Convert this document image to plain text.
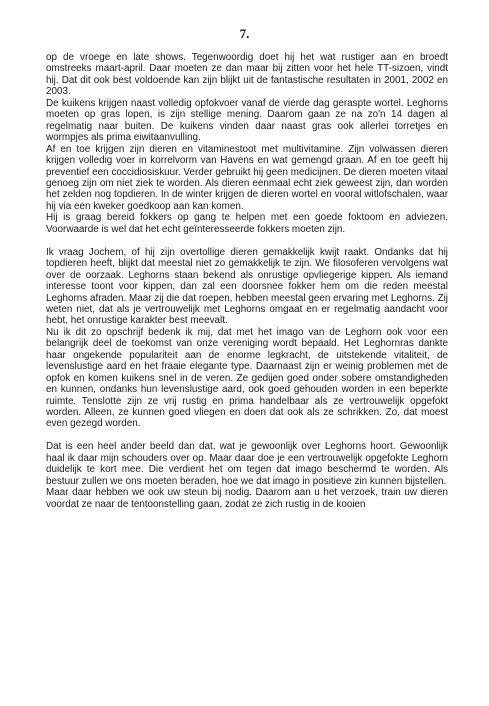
7.

op de vroege en late shows. Tegenwoordig doet hij het wat rustiger aan en broedt omstreeks maart-april. Daar moeten ze dan maar bij zitten voor het hele TT-sizoen, vindt hij. Dat dit ook best voldoende kan zijn blijkt uit de fantastische resultaten in 2001, 2002 en 2003.

De kuikens krijgen naast volledig opfokvoer vanaf de vierde dag geraspte wortel. Leghorns moeten op gras lopen, is zijn stellige mening. Daarom gaan ze na zo'n 14 dagen al regelmatig naar buiten. De kuikens vinden daar naast gras ook allerlei torretjes en wormpjes als prima eiwitaanvulling.

Af en toe krijgen zijn dieren en vitaminestoot met multivitamine. Zijn volwassen dieren krijgen volledig voer in korrelvorm van Havens en wat gemengd graan. Af en toe geeft hij preventief een coccidiosiskuur. Verder gebruikt hij geen medicijnen. De dieren moeten vitaal genoeg zijn om niet ziek te worden. Als dieren eenmaal echt ziek geweest zijn, dan worden het zelden nog topdieren. In de winter krijgen de dieren wortel en vooral witlofschalen, waar hij via een kweker goedkoop aan kan komen.

Hij is graag bereid fokkers op gang te helpen met een goede foktoom en adviezen. Voorwaarde is wel dat het echt geïnteresseerde fokkers moeten zijn.

Ik vraag Jochem, of hij zijn overtollige dieren gemakkelijk kwijt raakt. Ondanks dat hij topdieren heeft, blijkt dat meestal niet zo gemakkelijk te zijn. We filosoferen vervolgens wat over de oorzaak. Leghorns staan bekend als onrustige opvliegerige kippen. Als iemand interesse toont voor kippen, dan zal een doorsnee fokker hem om die reden meestal Leghorns afraden. Maar zij die dat roepen, hebben meestal geen ervaring met Leghorns. Zij weten niet, dat als je vertrouwelijk met Leghorns omgaat en er regelmatig aandacht voor hebt, het onrustige karakter best meevalt.

Nu ik dit zo opschrijf bedenk ik mij, dat met het imago van de Leghorn ook voor een belangrijk deel de toekomst van onze vereniging wordt bepaald. Het Leghornras dankte haar ongekende populariteit aan de enorme legkracht, de uitstekende vitaliteit, de levenslustige aard en het fraaie elegante type. Daarnaast zijn er weinig problemen met de opfok en komen kuikens snel in de veren. Ze gedijen goed onder sobere omstandigheden en kunnen, ondanks hun levenslustige aard, ook goed gehouden worden in een beperkte ruimte. Tenslotte zijn ze vrij rustig en prima handelbaar als ze vertrouwelijk opgefokt worden. Alleen, ze kunnen goed vliegen en doen dat ook als ze schrikken. Zo, dat moest even gezegd worden.

Dat is een heel ander beeld dan dat, wat je gewoonlijk over Leghorns hoort. Gewoonlijk haal ik daar mijn schouders over op. Maar daar doe je een vertrouwelijk opgefokte Leghorn duidelijk te kort mee. Die verdient het om tegen dat imago beschermd te worden. Als bestuur zullen we ons moeten beraden, hoe we dat imago in positieve zin kunnen bijstellen.

Maar daar hebben we ook uw steun bij nodig. Daarom aan u het verzoek, train uw dieren voordat ze naar de tentoonstelling gaan, zodat ze zich rustig in de kooien
